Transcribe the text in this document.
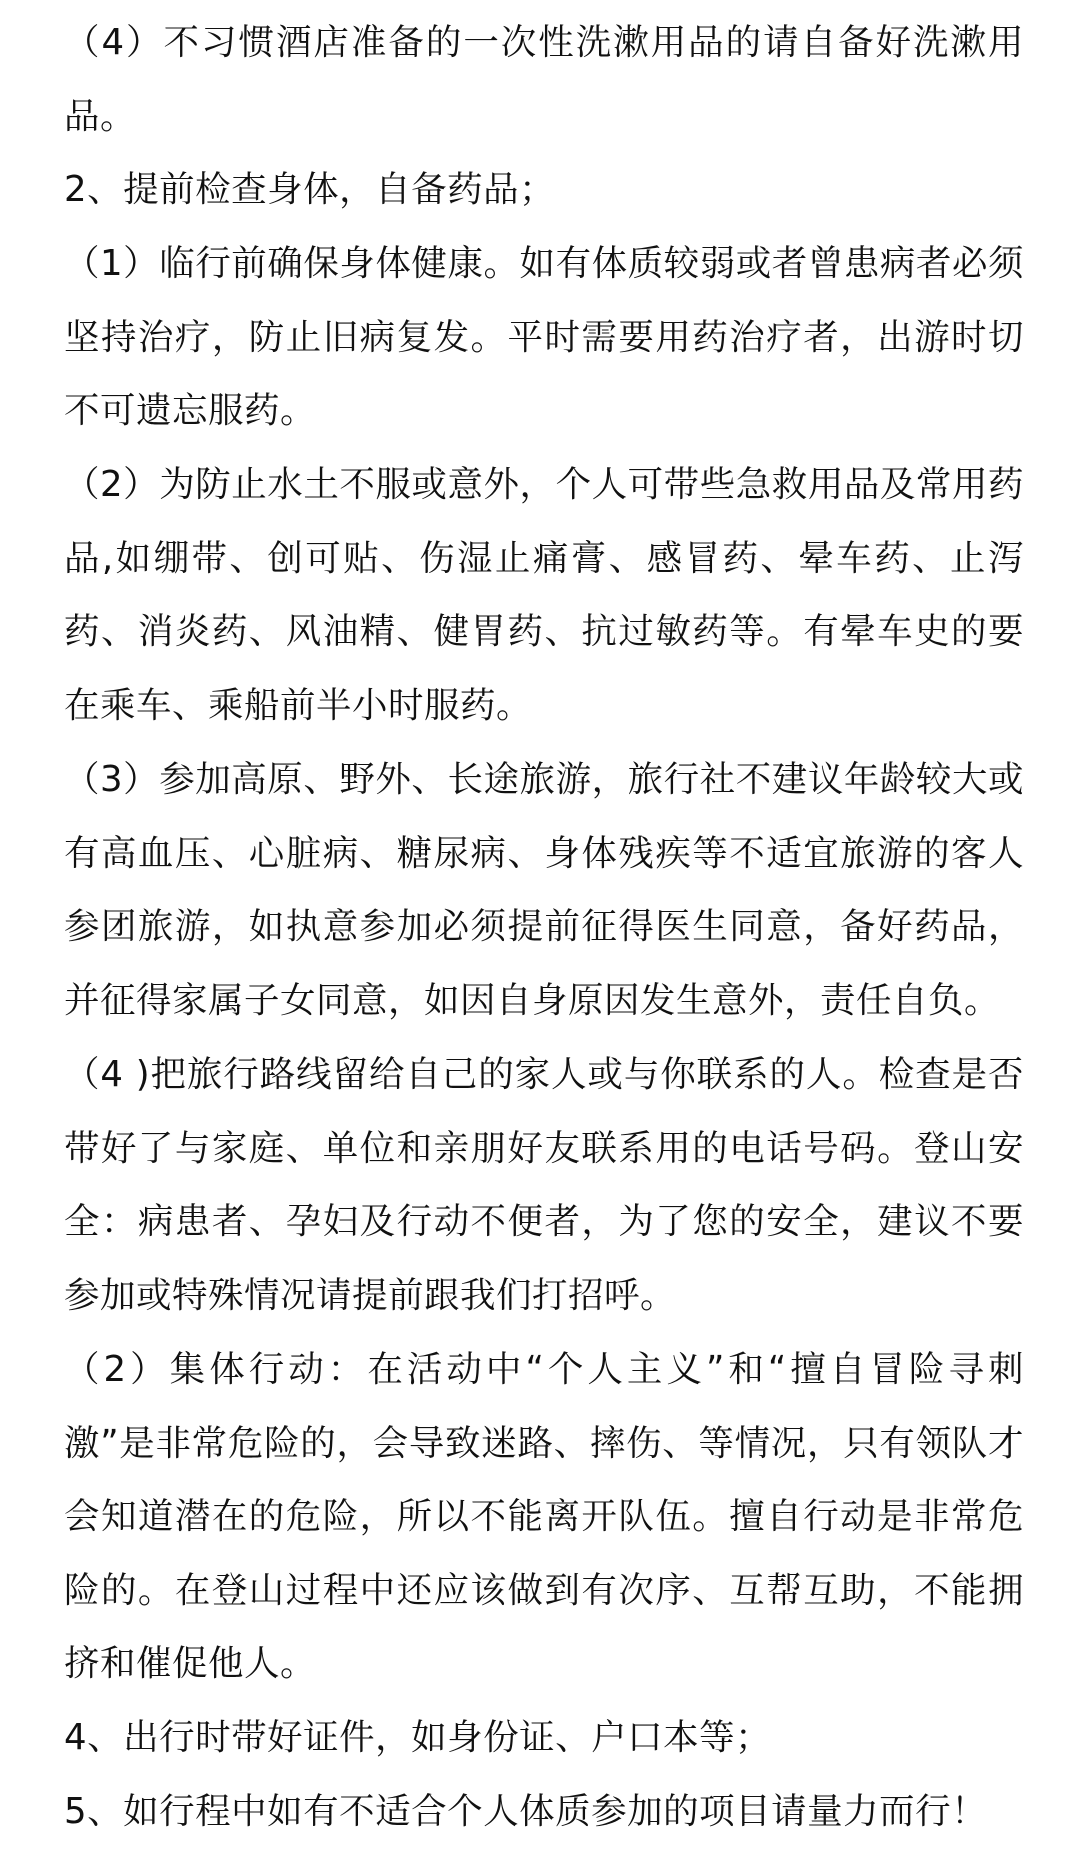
（4）不习惯酒店准备的一次性洗漱用品的请自备好洗漱用品。

2、提前检查身体，自备药品；

（1）临行前确保身体健康。如有体质较弱或者曾患病者必须坚持治疗，防止旧病复发。平时需要用药治疗者，出游时切不可遗忘服药。

（2）为防止水土不服或意外，个人可带些急救用品及常用药品,如绷带、创可贴、伤湿止痛膏、感冒药、晕车药、止泻药、消炎药、风油精、健胃药、抗过敏药等。有晕车史的要在乘车、乘船前半小时服药。

（3）参加高原、野外、长途旅游，旅行社不建议年龄较大或有高血压、心脏病、糖尿病、身体残疾等不适宜旅游的客人参团旅游，如执意参加必须提前征得医生同意，备好药品，并征得家属子女同意，如因自身原因发生意外，责任自负。

（4 )把旅行路线留给自己的家人或与你联系的人。检查是否带好了与家庭、单位和亲朋好友联系用的电话号码。登山安全：病患者、孕妇及行动不便者，为了您的安全，建议不要参加或特殊情况请提前跟我们打招呼。

（2）集体行动：在活动中“个人主义”和“擅自冒险寻刺激”是非常危险的，会导致迷路、摔伤、等情况，只有领队才会知道潜在的危险，所以不能离开队伍。擅自行动是非常危险的。在登山过程中还应该做到有次序、互帮互助，不能拥挤和催促他人。

4、出行时带好证件，如身份证、户口本等；

5、如行程中如有不适合个人体质参加的项目请量力而行！
